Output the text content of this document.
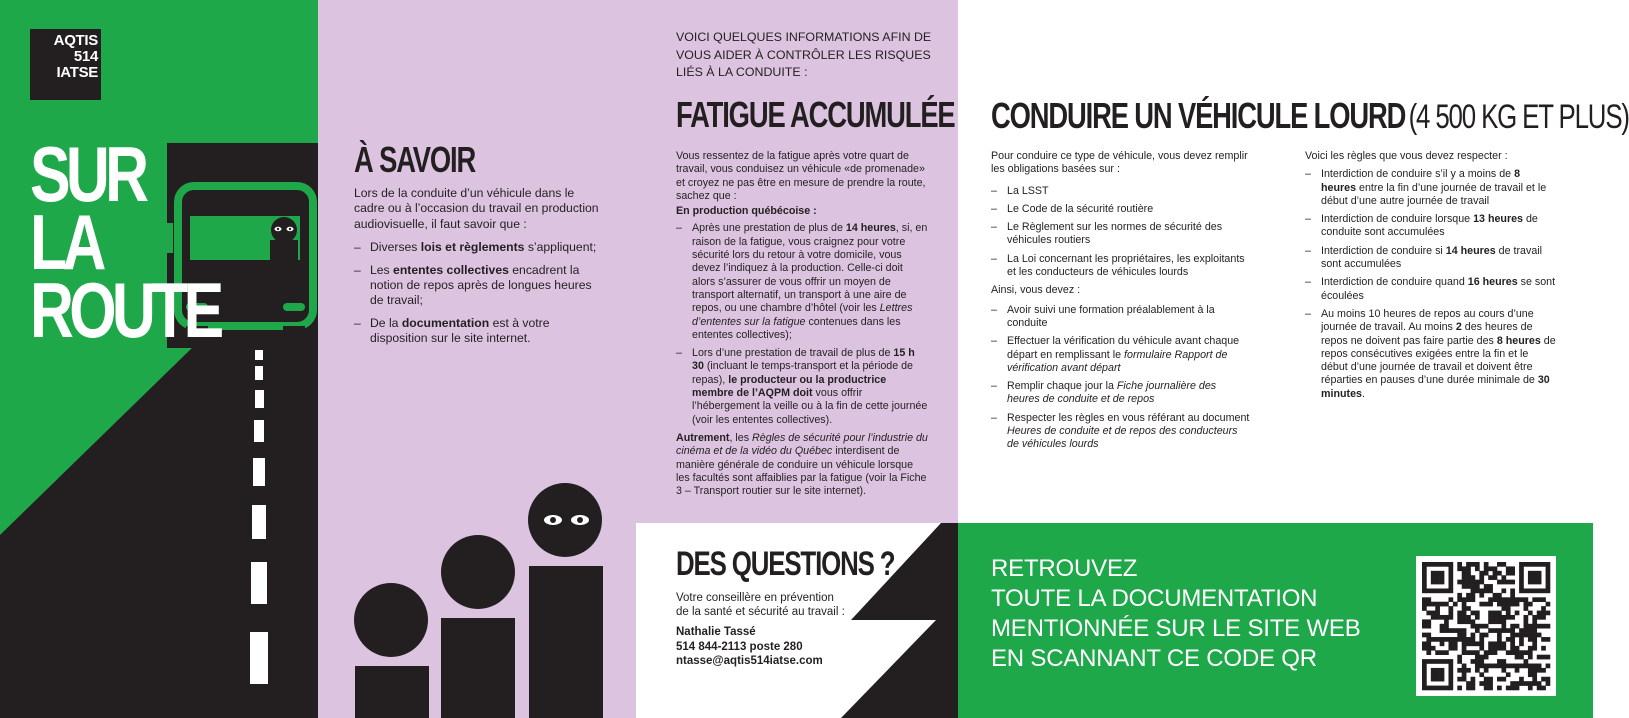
AQTIS
514
IATSE
SUR
LA
ROUTE
À SAVOIR

Lors de la conduite d’un véhicule dans le cadre ou à l’occasion du travail en production audiovisuelle, il faut savoir que :

– Diverses lois et règlements s’appliquent;
– Les ententes collectives encadrent la notion de repos après de longues heures de travail;
– De la documentation est à votre disposition sur le site internet.
VOICI QUELQUES INFORMATIONS AFIN DE VOUS AIDER À CONTRÔLER LES RISQUES LIÉS À LA CONDUITE :
FATIGUE ACCUMULÉE

Vous ressentez de la fatigue après votre quart de travail, vous conduisez un véhicule «de promenade» et croyez ne pas être en mesure de prendre la route, sachez que :

En production québécoise :

– Après une prestation de plus de 14 heures, si, en raison de la fatigue, vous craignez pour votre sécurité lors du retour à votre domicile, vous devez l’indiquez à la production. Celle-ci doit alors s’assurer de vous offrir un moyen de transport alternatif, un transport à une aire de repos, ou une chambre d’hôtel (voir les Lettres d’ententes sur la fatigue contenues dans les ententes collectives);
– Lors d’une prestation de travail de plus de 15 h 30 (incluant le temps-transport et la période de repas), le producteur ou la productrice membre de l’AQPM doit vous offrir l’hébergement la veille ou à la fin de cette journée (voir les ententes collectives).

Autrement, les Règles de sécurité pour l’industrie du cinéma et de la vidéo du Québec interdisent de manière générale de conduire un véhicule lorsque les facultés sont affaiblies par la fatigue (voir la Fiche 3 – Transport routier sur le site internet).

DES QUESTIONS ?

Votre conseillère en prévention de la santé et sécurité au travail :

Nathalie Tassé
514 844-2113 poste 280
ntasse@aqtis514iatse.com
CONDUIRE UN VÉHICULE LOURD (4 500 KG ET PLUS)

Pour conduire ce type de véhicule, vous devez remplir les obligations basées sur :

– La LSST
– Le Code de la sécurité routière
– Le Règlement sur les normes de sécurité des véhicules routiers
– La Loi concernant les propriétaires, les exploitants et les conducteurs de véhicules lourds

Ainsi, vous devez :

– Avoir suivi une formation préalablement à la conduite
– Effectuer la vérification du véhicule avant chaque départ en remplissant le formulaire Rapport de vérification avant départ
– Remplir chaque jour la Fiche journalière des heures de conduite et de repos
– Respecter les règles en vous référant au document Heures de conduite et de repos des conducteurs de véhicules lourds

Voici les règles que vous devez respecter :

– Interdiction de conduire s’il y a moins de 8 heures entre la fin d’une journée de travail et le début d’une autre journée de travail
– Interdiction de conduire lorsque 13 heures de conduite sont accumulées
– Interdiction de conduire si 14 heures de travail sont accumulées
– Interdiction de conduire quand 16 heures se sont écoulées
– Au moins 10 heures de repos au cours d’une journée de travail. Au moins 2 des heures de repos ne doivent pas faire partie des 8 heures de repos consécutives exigées entre la fin et le début d’une journée de travail et doivent être réparties en pauses d’une durée minimale de 30 minutes.
RETROUVEZ
TOUTE LA DOCUMENTATION
MENTIONNÉE SUR LE SITE WEB
EN SCANNANT CE CODE QR
